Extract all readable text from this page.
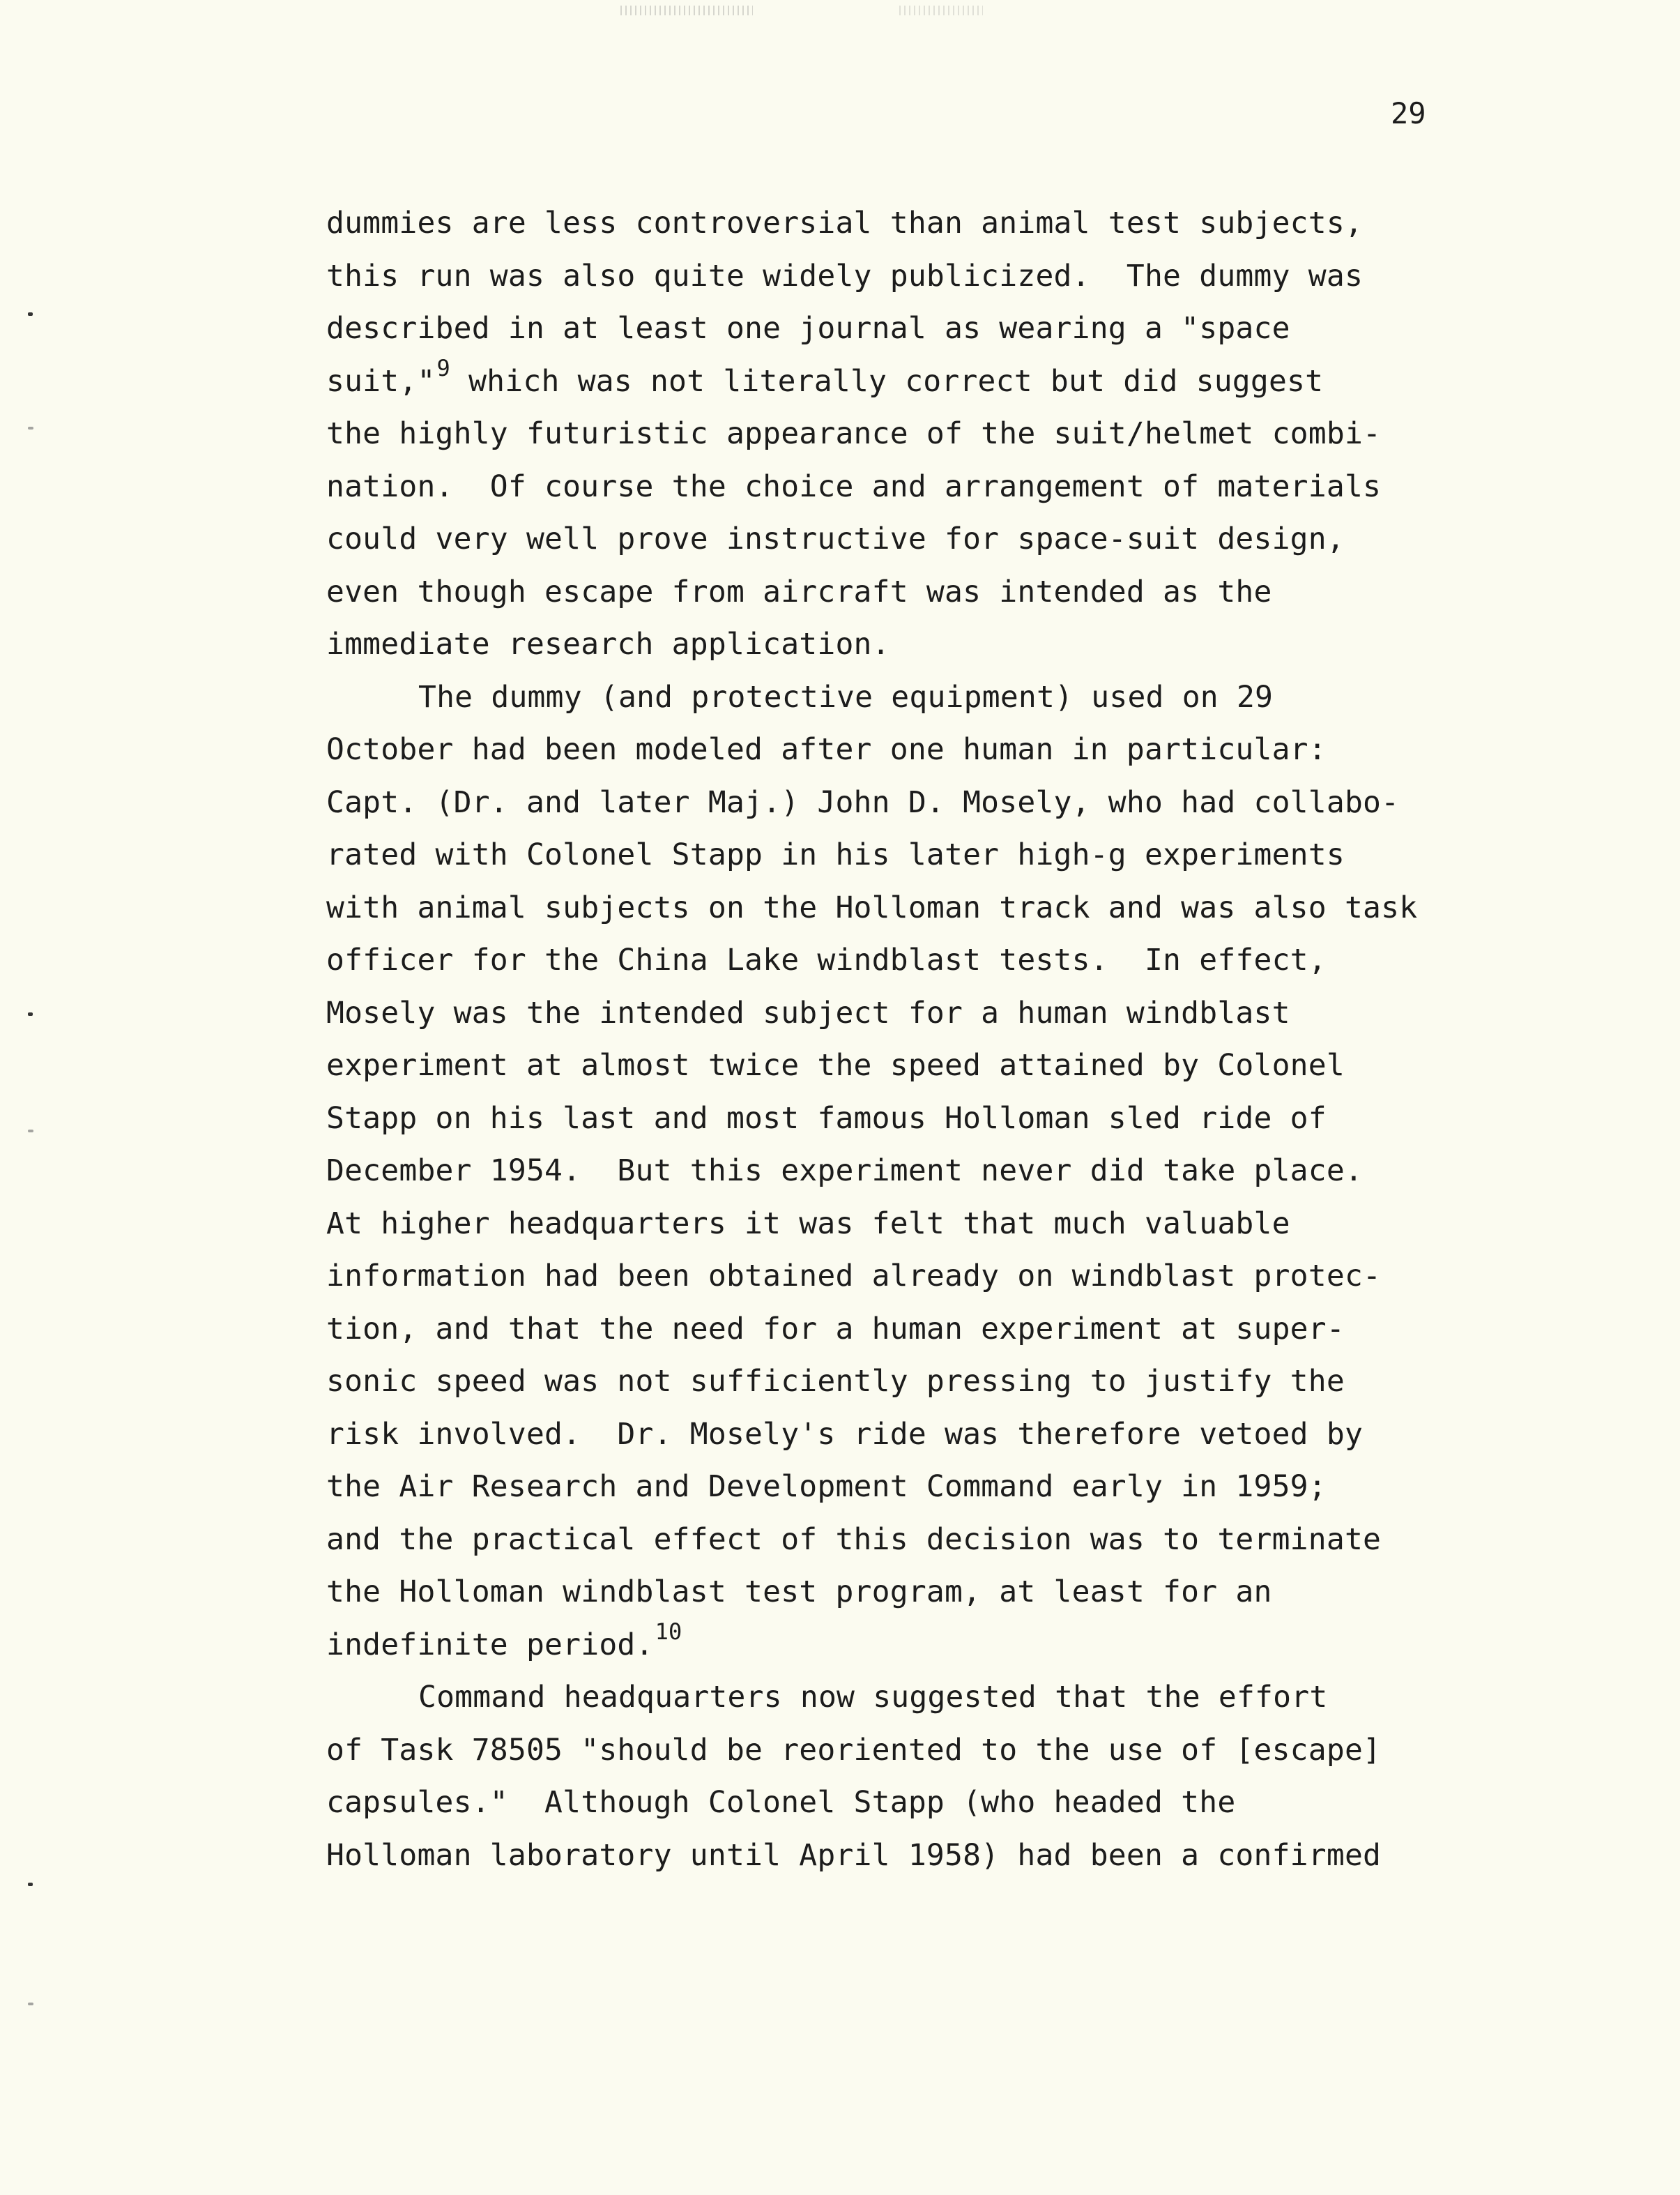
29
dummies are less controversial than animal test subjects,
this run was also quite widely publicized.  The dummy was
described in at least one journal as wearing a "space
suit,"$^9$ which was not literally correct but did suggest
the highly futuristic appearance of the suit/helmet combi-
nation.  Of course the choice and arrangement of materials
could very well prove instructive for space-suit design,
even though escape from aircraft was intended as the
immediate research application.
The dummy (and protective equipment) used on 29
October had been modeled after one human in particular:
Capt. (Dr. and later Maj.) John D. Mosely, who had collabo-
rated with Colonel Stapp in his later high-g experiments
with animal subjects on the Holloman track and was also task
officer for the China Lake windblast tests.  In effect,
Mosely was the intended subject for a human windblast
experiment at almost twice the speed attained by Colonel
Stapp on his last and most famous Holloman sled ride of
December 1954.  But this experiment never did take place.
At higher headquarters it was felt that much valuable
information had been obtained already on windblast protec-
tion, and that the need for a human experiment at super-
sonic speed was not sufficiently pressing to justify the
risk involved.  Dr. Mosely's ride was therefore vetoed by
the Air Research and Development Command early in 1959;
and the practical effect of this decision was to terminate
the Holloman windblast test program, at least for an
indefinite period.$^{10}$
Command headquarters now suggested that the effort
of Task 78505 "should be reoriented to the use of [escape]
capsules."  Although Colonel Stapp (who headed the
Holloman laboratory until April 1958) had been a confirmed
